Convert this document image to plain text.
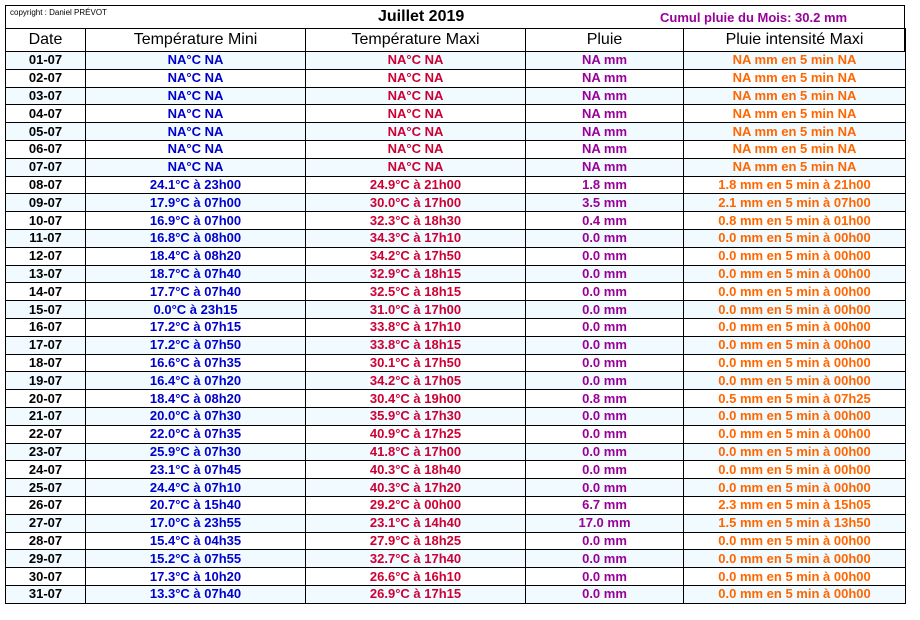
copyright : Daniel PRÉVOT	Juillet 2019	Cumul pluie du Mois: 30.2 mm
Date	Température Mini	Température Maxi	Pluie	Pluie intensité Maxi
01-07	NA°C NA	NA°C NA	NA mm	NA mm en 5 min NA
02-07	NA°C NA	NA°C NA	NA mm	NA mm en 5 min NA
03-07	NA°C NA	NA°C NA	NA mm	NA mm en 5 min NA
04-07	NA°C NA	NA°C NA	NA mm	NA mm en 5 min NA
05-07	NA°C NA	NA°C NA	NA mm	NA mm en 5 min NA
06-07	NA°C NA	NA°C NA	NA mm	NA mm en 5 min NA
07-07	NA°C NA	NA°C NA	NA mm	NA mm en 5 min NA
08-07	24.1°C à 23h00	24.9°C à 21h00	1.8 mm	1.8 mm en 5 min à 21h00
09-07	17.9°C à 07h00	30.0°C à 17h00	3.5 mm	2.1 mm en 5 min à 07h00
10-07	16.9°C à 07h00	32.3°C à 18h30	0.4 mm	0.8 mm en 5 min à 01h00
11-07	16.8°C à 08h00	34.3°C à 17h10	0.0 mm	0.0 mm en 5 min à 00h00
12-07	18.4°C à 08h20	34.2°C à 17h50	0.0 mm	0.0 mm en 5 min à 00h00
13-07	18.7°C à 07h40	32.9°C à 18h15	0.0 mm	0.0 mm en 5 min à 00h00
14-07	17.7°C à 07h40	32.5°C à 18h15	0.0 mm	0.0 mm en 5 min à 00h00
15-07	0.0°C à 23h15	31.0°C à 17h00	0.0 mm	0.0 mm en 5 min à 00h00
16-07	17.2°C à 07h15	33.8°C à 17h10	0.0 mm	0.0 mm en 5 min à 00h00
17-07	17.2°C à 07h50	33.8°C à 18h15	0.0 mm	0.0 mm en 5 min à 00h00
18-07	16.6°C à 07h35	30.1°C à 17h50	0.0 mm	0.0 mm en 5 min à 00h00
19-07	16.4°C à 07h20	34.2°C à 17h05	0.0 mm	0.0 mm en 5 min à 00h00
20-07	18.4°C à 08h20	30.4°C à 19h00	0.8 mm	0.5 mm en 5 min à 07h25
21-07	20.0°C à 07h30	35.9°C à 17h30	0.0 mm	0.0 mm en 5 min à 00h00
22-07	22.0°C à 07h35	40.9°C à 17h25	0.0 mm	0.0 mm en 5 min à 00h00
23-07	25.9°C à 07h30	41.8°C à 17h00	0.0 mm	0.0 mm en 5 min à 00h00
24-07	23.1°C à 07h45	40.3°C à 18h40	0.0 mm	0.0 mm en 5 min à 00h00
25-07	24.4°C à 07h10	40.3°C à 17h20	0.0 mm	0.0 mm en 5 min à 00h00
26-07	20.7°C à 15h40	29.2°C à 00h00	6.7 mm	2.3 mm en 5 min à 15h05
27-07	17.0°C à 23h55	23.1°C à 14h40	17.0 mm	1.5 mm en 5 min à 13h50
28-07	15.4°C à 04h35	27.9°C à 18h25	0.0 mm	0.0 mm en 5 min à 00h00
29-07	15.2°C à 07h55	32.7°C à 17h40	0.0 mm	0.0 mm en 5 min à 00h00
30-07	17.3°C à 10h20	26.6°C à 16h10	0.0 mm	0.0 mm en 5 min à 00h00
31-07	13.3°C à 07h40	26.9°C à 17h15	0.0 mm	0.0 mm en 5 min à 00h00
